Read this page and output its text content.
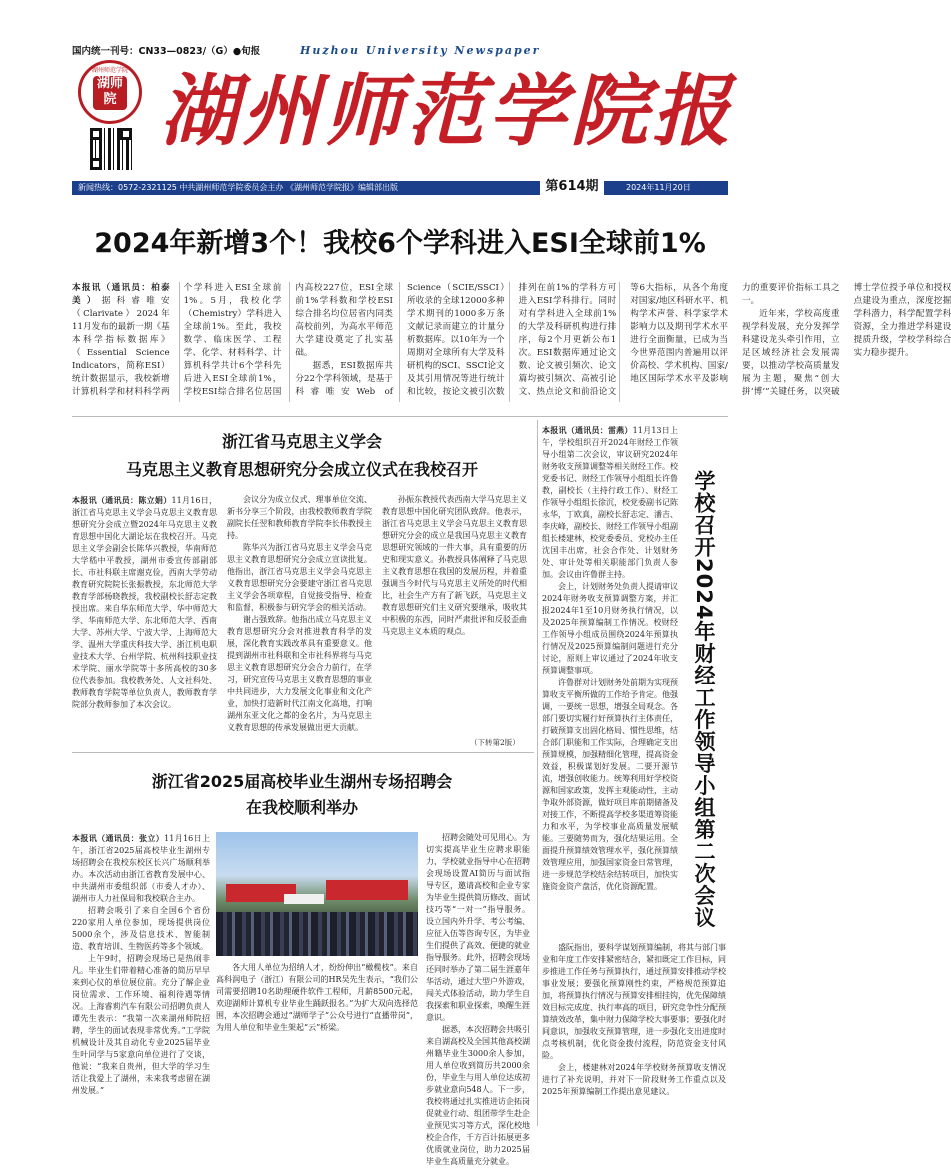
国内统一刊号：CN33—0823/（G）●旬报	Huzhou University Newspaper
湖师
院
湖州师范学院 湖州师范学院报
新闻热线：0572-2321125 中共湖州师范学院委员会主办 《湖州师范学院报》编辑部出版	第614期	2024年11月20日
2024年新增3个！我校6个学科进入ESI全球前1%
本报讯（通讯员：柏泰美）据科睿唯安（Clarivate）2024年11月发布的最新一期《基本科学指标数据库》（Essential Science Indicators，简称ESI）统计数据显示，我校新增计算机科学和材料科学两个学科进入ESI全球前1%。5月，我校化学（Chemistry）学科进入全球前1%。至此，我校数学、临床医学、工程学、化学、材料科学、计算机科学共计6个学科先后进入ESI全球前1%，学校ESI综合排名位居国内高校227位，ESI全球前1%学科数和学校ESI综合排名均位居省内同类高校前列，为高水平师范大学建设奠定了扎实基础。
据悉，ESI数据库共分22个学科领域，是基于科睿唯安Web of Science（SCIE/SSCI）所收录的全球12000多种学术期刊的1000多万条文献记录而建立的计量分析数据库。以10年为一个周期对全球所有大学及科研机构的SCI、SSCI论文及其引用情况等进行统计和比较，按论文被引次数排列在前1%的学科方可进入ESI学科排行。同时对有学科进入全球前1%的大学及科研机构进行排序，每2个月更新公布1次。ESI数据库通过论文数、论文被引频次、论文篇均被引频次、高被引论文、热点论文和前沿论文等6大指标，从各个角度对国家/地区科研水平、机构学术声誉、科学家学术影响力以及期刊学术水平进行全面衡量，已成为当今世界范围内普遍用以评价高校、学术机构、国家/地区国际学术水平及影响力的重要评价指标工具之一。
近年来，学校高度重视学科发展，充分发挥学科建设龙头牵引作用，立足区域经济社会发展需要，以推动学校高质量发展为主题，聚焦“创大拼‘博’”关键任务，以突破博士学位授予单位和授权点建设为重点，深度挖掘学科潜力，科学配置学科资源，全力推进学科建设提质升级，学校学科综合实力稳步提升。
浙江省马克思主义学会
马克思主义教育思想研究分会成立仪式在我校召开
本报讯（通讯员：陈立娟）11月16日，浙江省马克思主义学会马克思主义教育思想研究分会成立暨2024年马克思主义教育思想中国化大湖论坛在我校召开。马克思主义学会副会长陈华兴教授，华南师范大学嵇中平教授，湖州市委宣传部副部长、市社科联主席谢克俭，西南大学劳动教育研究院院长张振教授，东北师范大学教育学部杨晓教授，我校副校长舒志定教授出席。来自华东师范大学、华中师范大学、华南师范大学、东北师范大学、西南大学、苏州大学、宁波大学、上海师范大学、温州大学重庆科技大学、浙江机电职业技术大学、台州学院、杭州科技职业技术学院、丽水学院等十多所高校的30多位代表参加。我校教务处、人文社科处、教师教育学院等单位负责人，教师教育学院部分教师参加了本次会议。
会议分为成立仪式、理事单位交流、新书分享三个阶段，由我校教师教育学院副院长任翌和教师教育学院李长伟教授主持。
陈华兴为浙江省马克思主义学会马克思主义教育思想研究分会成立宣读批复。他指出，浙江省马克思主义学会马克思主义教育思想研究分会要建守浙江省马克思主义学会各项章程，自觉接受指导、检查和监督，积极参与研究学会的相关活动。
谢占强致辞。他指出成立马克思主义教育思想研究分会对推进教育科学的发展，深化教育实践改革具有重要意义。他提到湖州市社科联和全市社科界将与马克思主义教育思想研究分会合力前行，在学习，研究宣传马克思主义教育思想的事业中共同进步，大力发展文化事业和文化产业，加快打造新时代江南文化高地，打响湖州东亚文化之都的金名片，为马克思主义教育思想的传承发展做出更大贡献。
孙振东教授代表西南大学马克思主义教育思想中国化研究团队致辞。他表示，浙江省马克思主义学会马克思主义教育思想研究分会的成立是我国马克思主义教育思想研究领域的一件大事，具有重要的历史和现实意义。孙教授具体阐释了马克思主义教育思想在我国的发展历程，并着重强调当今时代与马克思主义所处的时代相比，社会生产方有了新飞跃，马克思主义教育思想研究们主义研究要继承，吸收其中积极的东西，同时严肃批评和反驳歪曲马克思主义本质的观点。
（下转第2版）	学校召开2024年财经工作领导小组第二次会议
本报讯（通讯员：雷燕）11月13日上午，学校组织召开2024年财经工作领导小组第二次会议，审议研究2024年财务收支预算调整等相关财经工作。校党委书记、财经工作领导小组组长许鲁教，副校长（主持行政工作）、财经工作领导小组组长徐沉，校党委副书记陈永华，丁欧真，副校长舒志定、潘吉、李庆峰，副校长、财经工作领导小组副组长楼建林，校党委委员、党校办主任沈国丰出席，社会合作处、计划财务处、审计处等相关职能部门负责人参加。会议由许鲁群主持。
会上，计划财务处负责人提请审议2024年财务收支预算调整方案，并汇报2024年1至10月财务执行情况，以及2025年预算编制工作情况。校财经工作领导小组成员围绕2024年预算执行情况及2025预算编制问题进行充分讨论，原则上审议通过了2024年收支预算调整事项。
许鲁群对计划财务处前期为实现预算收支平衡所做的工作给予肯定。他强调，一要统一思想，增强全局观念。各部门要切实履行好预算执行主体责任，打破预算支出固化格局、惯性思维，结合部门职能和工作实际，合理确定支出预算规模，加强精细化管理，提高资金效益，积极谋划好发展。二要开源节流，增强创收能力。统筹利用好学校资源和国家政策，发挥主观能动性，主动争取外部资源，做好项目库前期储备及对接工作，不断提高学校多渠道筹资能力和水平，为学校事业高质量发展赋能。三要随势而为，强化结果运用。全面提升预算绩效管理水平，强化预算绩效管理应用，加强国家资金日常管理，进一步规范学校结余结转项目，加快实施资金资产盘活，优化资源配置。
盛阮指出，要科学谋划预算编制，将其与部门事业和年度工作安排紧密结合，紧扣既定工作目标，同步推进工作任务与预算执行，通过预算安排推动学校事业发展；要强化预算刚性约束，严格规范预算追加，将预算执行情况与预算安排相挂钩，优先保障绩效目标完成度、执行率高的项目，研究竞争性分配预算绩效改革，集中财力保障学校大事要事；要强化时间意识，加强收支预算管理，进一步强化支出进度时点考核机制，优化资金拨付流程，防范资金支付风险。
会上，楼建林对2024年学校财务预算收支情况进行了补充说明，并对下一阶段财务工作重点以及2025年预算编制工作提出意见建议。
浙江省2025届高校毕业生湖州专场招聘会
在我校顺利举办
本报讯（通讯员：张立）11月16日上午，浙江省2025届高校毕业生湖州专场招聘会在我校东校区长兴广场顺利举办。本次活动由浙江省教育发展中心、中共湖州市委组织部（市委人才办）、湖州市人力社保局和我校联合主办。
招聘会吸引了来自全国6个省份220家用人单位参加，现场提供岗位5000余个，涉及信息技术、智能制造、教育培训、生物医药等多个领域。
上午9时，招聘会现场已是热闹非凡。毕业生们带着精心准备的简历早早来到心仪的单位展位前。充分了解企业岗位需求、工作环境、福利待遇等情况。上海睿莉汽车有限公司招聘负责人谭先生表示：“我第一次来湖州师院招聘，学生的面试表现非常优秀。”工学院机械设计及其自动化专业2025届毕业生叶同学与5家意向单位进行了交谈，他说：“我来自贵州，但大学的学习生活让我爱上了湖州，未来我考虑留在湖州发展。”
各大用人单位为招纳人才，纷纷伸出“橄榄枝”。来自高科润电子（浙江）有限公司的HR吴先生表示，“我们公司需要招聘10名助理硬件软件工程师，月薪8500元起，欢迎湖师计算机专业毕业生踊跃报名。”为扩大双向选择范围，本次招聘会通过“湖师学子”公众号进行“直播带岗”，为用人单位和毕业生架起“云”桥梁。
招聘会随处可见用心。为切实提高毕业生应聘求职能力，学校就业指导中心在招聘会现场设置AI简历与面试指导专区，邀请高校和企业专家为毕业生提供简历修改、面试技巧等“一对一”指导服务。设立国内外升学、考公考编、应征入伍等咨询专区，为毕业生们提供了高效、便捷的就业指导服务。此外，招聘会现场还同时举办了第二届生涯嘉年华活动，通过大型户外游戏，闯关式体验活动，助力学生自我探索和职业探索，唤醒生涯意识。
据悉，本次招聘会共吸引来自湖高校及全国其他高校湖州籍毕业生3000余人参加，用人单位收到简历共2000余份，毕业生与用人单位达成初步就业意向548人。下一步，我校将通过扎实推进访企拓岗促就业行动、组团带学生赴企业预见实习等方式，深化校地校企合作，千方百计拓展更多优质就业岗位，助力2025届毕业生高质量充分就业。
